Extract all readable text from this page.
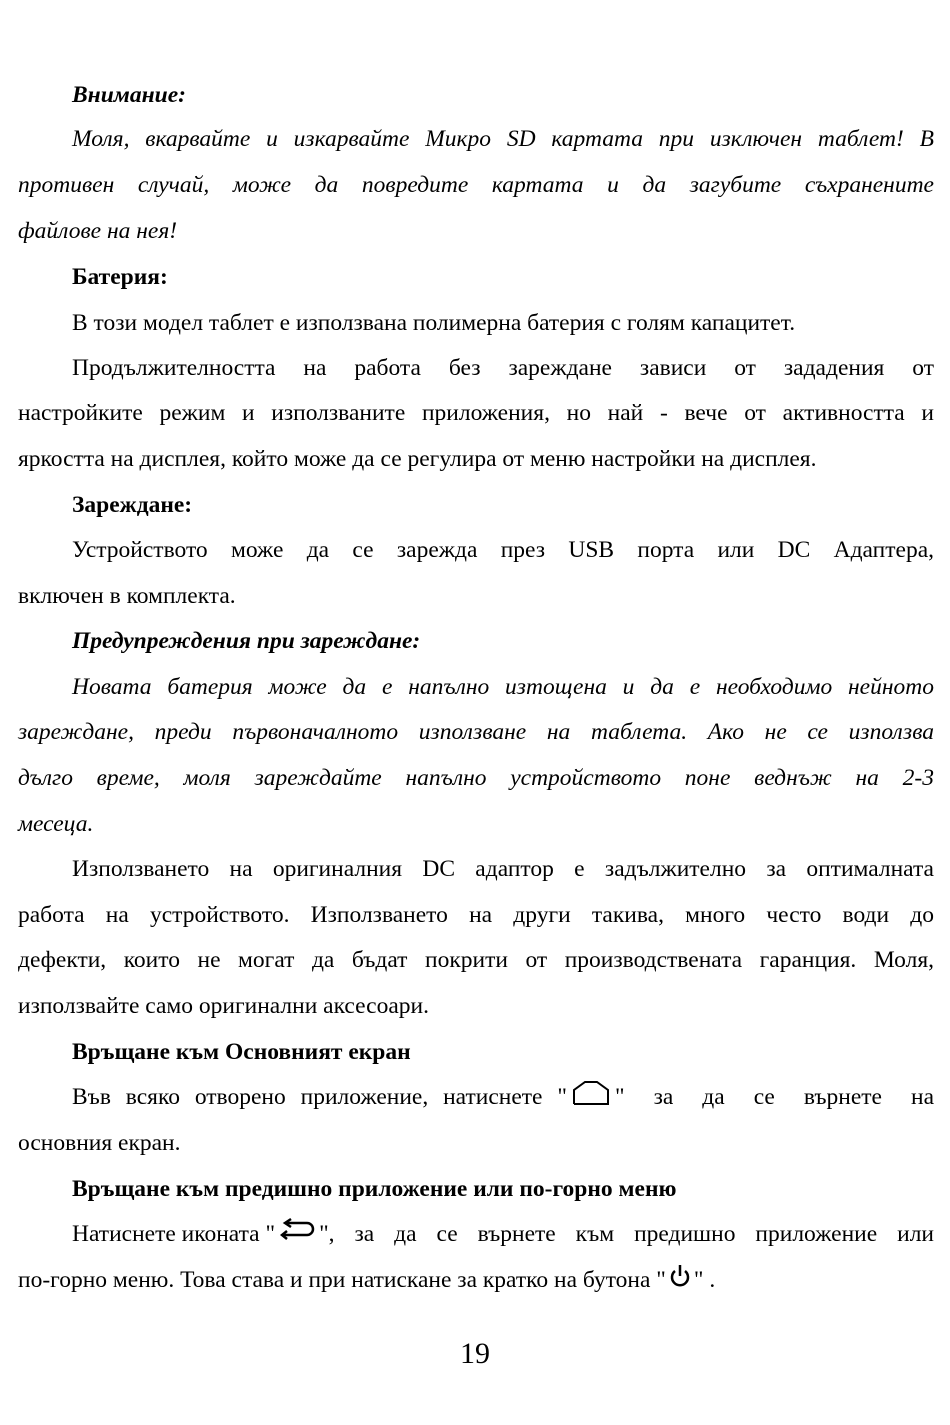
Внимание:
Моля, вкарвайте и изкарвайте Микро SD картата при изключен таблет! В
противен случай, може да повредите картата и да загубите съхранените
файлове на нея!
Батерия:
В този модел таблет е използвана полимерна батерия с голям капацитет.
Продължителността на работа без зареждане зависи от зададения от
настройките режим и използваните приложения, но най - вече от активността и
яркостта на дисплея, който може да се регулира от меню настройки на дисплея.
Зареждане:
Устройството може да се зарежда през USB порта или DC Адаптера,
включен в комплекта.
Предупреждения при зареждане:
Новата батерия може да е напълно изтощена и да е необходимо нейното
зареждане, преди първоначалното използване на таблета. Ако не се използва
дълго време, моля зареждайте напълно устройството поне веднъж на 2-3
месеца.
Използването на оригиналния DC адаптор е задължително за оптималната
работа на устройството. Използването на други такива, много често води до
дефекти, които не могат да бъдат покрити от производствената гаранция. Моля,
използвайте само оригинални аксесоари.
Връщане към Основният екран
Във всяко отворено приложение, натиснете " " за да се върнете на
основния екран.
Връщане към предишно приложение или по-горно меню
Натиснете иконата " ", за да се върнете към предишно приложение или
по-горно меню. Това става и при натискане за кратко на бутона " " .
19
